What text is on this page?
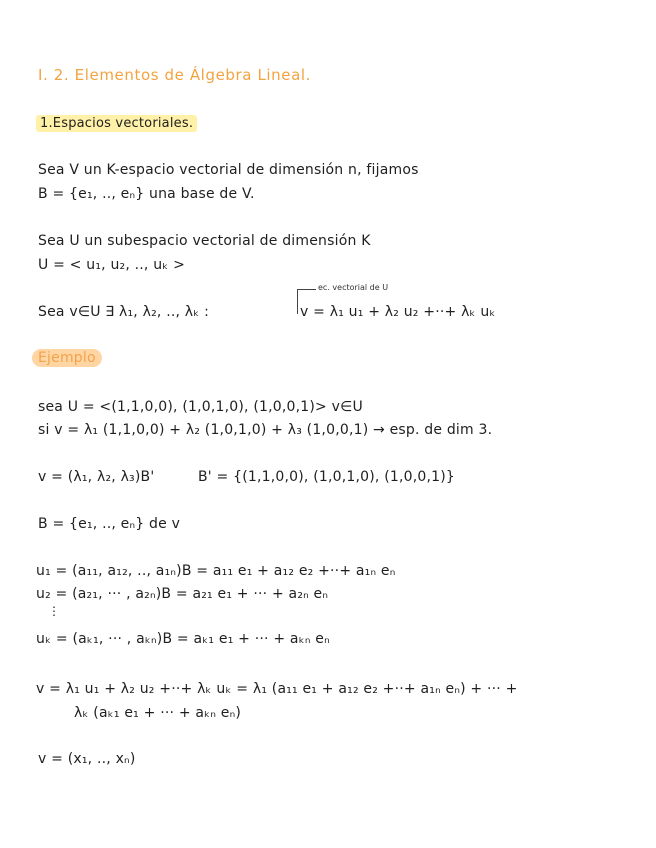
I. 2. Elementos de Álgebra Lineal.
1.Espacios vectoriales.
Sea V un K-espacio vectorial de dimensión n, fijamos
B = {e₁, .., eₙ} una base de V.
Sea U un subespacio vectorial de dimensión K
U = < u₁, u₂, .., uₖ >
ec. vectorial de U
Sea v∈U ∃ λ₁, λ₂, .., λₖ :	v = λ₁ u₁ + λ₂ u₂ +··+ λₖ uₖ
Ejemplo
sea U = <(1,1,0,0), (1,0,1,0), (1,0,0,1)> v∈U
si v = λ₁ (1,1,0,0) + λ₂ (1,0,1,0) + λ₃ (1,0,0,1) → esp. de dim 3.
v = (λ₁, λ₂, λ₃)B'	B' = {(1,1,0,0), (1,0,1,0), (1,0,0,1)}
B = {e₁, .., eₙ} de v
u₁ = (a₁₁, a₁₂, .., a₁ₙ)B = a₁₁ e₁ + a₁₂ e₂ +··+ a₁ₙ eₙ
u₂ = (a₂₁, ··· , a₂ₙ)B = a₂₁ e₁ + ··· + a₂ₙ eₙ
⋮
uₖ = (aₖ₁, ··· , aₖₙ)B = aₖ₁ e₁ + ··· + aₖₙ eₙ
v = λ₁ u₁ + λ₂ u₂ +··+ λₖ uₖ = λ₁ (a₁₁ e₁ + a₁₂ e₂ +··+ a₁ₙ eₙ) + ··· +
λₖ (aₖ₁ e₁ + ··· + aₖₙ eₙ)
v = (x₁, .., xₙ)
